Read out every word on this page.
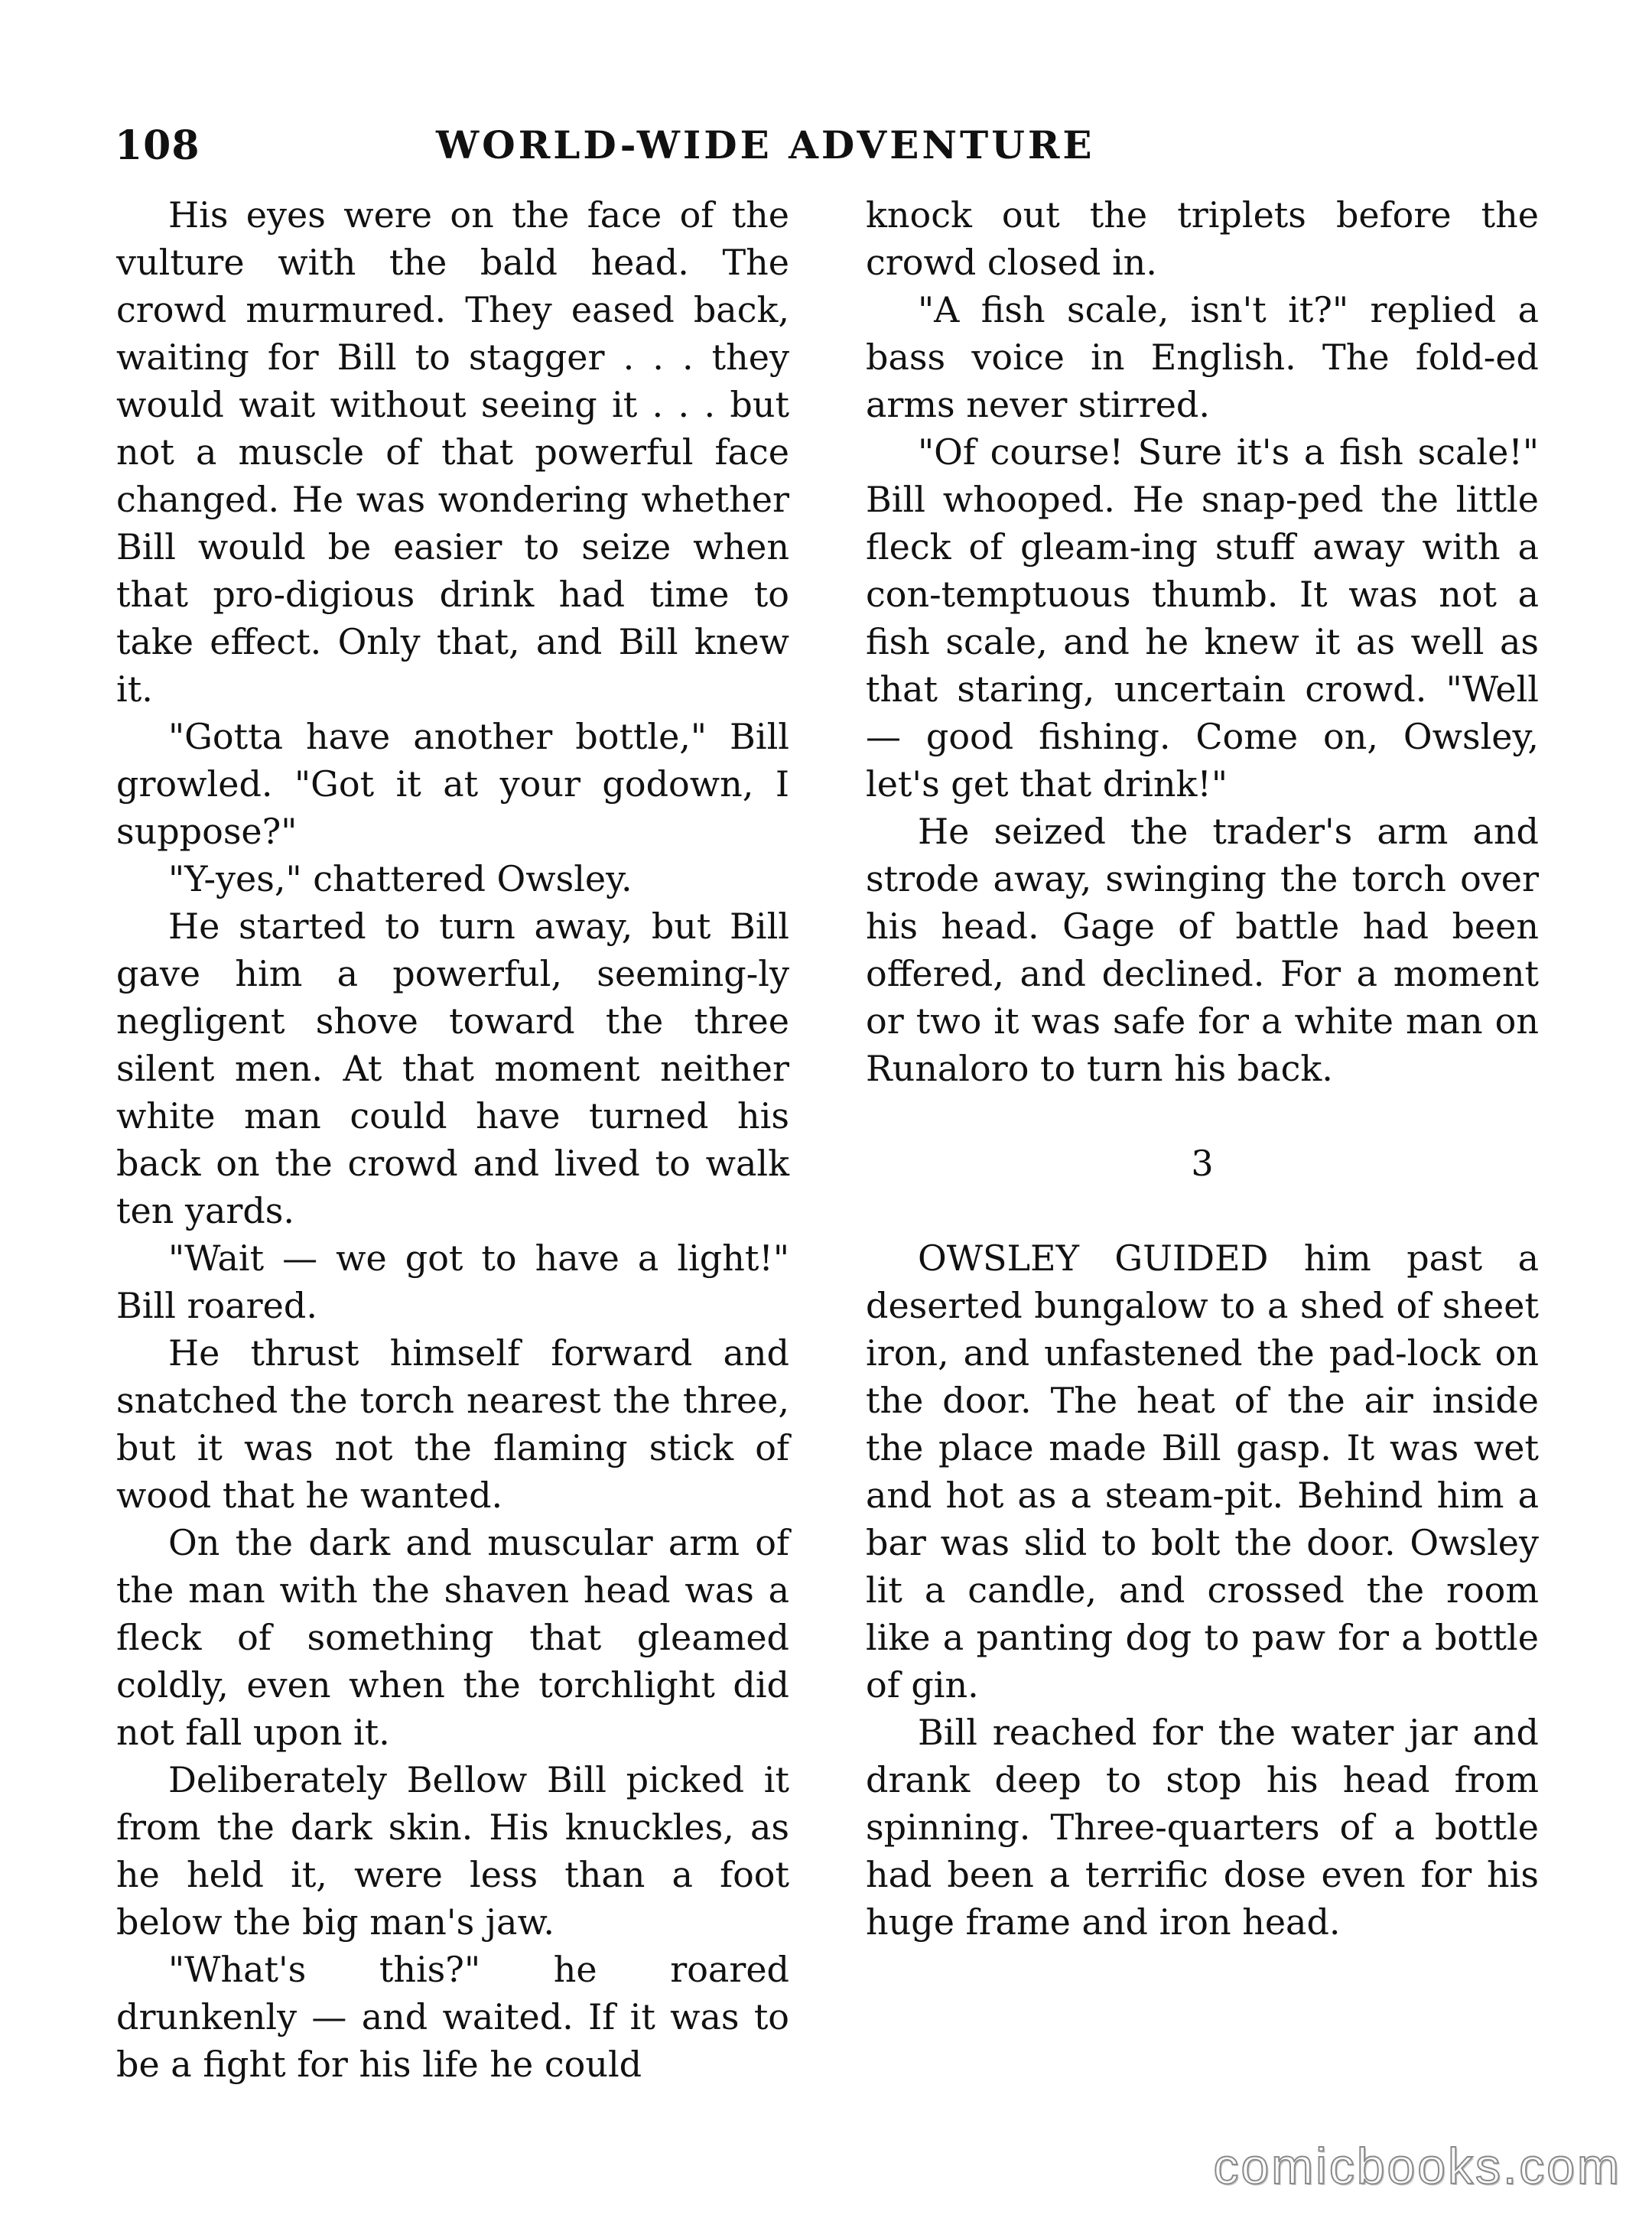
108	WORLD-WIDE ADVENTURE

His eyes were on the face of the vulture with the bald head. The crowd murmured. They eased back, waiting for Bill to stagger . . . they would wait without seeing it . . . but not a muscle of that powerful face changed. He was wondering whether Bill would be easier to seize when that pro-digious drink had time to take effect. Only that, and Bill knew it.

"Gotta have another bottle," Bill growled. "Got it at your godown, I suppose?"

"Y-yes," chattered Owsley.

He started to turn away, but Bill gave him a powerful, seeming-ly negligent shove toward the three silent men. At that moment neither white man could have turned his back on the crowd and lived to walk ten yards.

"Wait — we got to have a light!" Bill roared.

He thrust himself forward and snatched the torch nearest the three, but it was not the flaming stick of wood that he wanted.

On the dark and muscular arm of the man with the shaven head was a fleck of something that gleamed coldly, even when the torchlight did not fall upon it.

Deliberately Bellow Bill picked it from the dark skin. His knuckles, as he held it, were less than a foot below the big man's jaw.

"What's this?" he roared drunkenly — and waited. If it was to be a fight for his life he could

knock out the triplets before the crowd closed in.

"A fish scale, isn't it?" replied a bass voice in English. The fold-ed arms never stirred.

"Of course! Sure it's a fish scale!" Bill whooped. He snap-ped the little fleck of gleam-ing stuff away with a con-temptuous thumb. It was not a fish scale, and he knew it as well as that staring, uncertain crowd. "Well — good fishing. Come on, Owsley, let's get that drink!"

He seized the trader's arm and strode away, swinging the torch over his head. Gage of battle had been offered, and declined. For a moment or two it was safe for a white man on Runaloro to turn his back.

3

OWSLEY GUIDED him past a deserted bungalow to a shed of sheet iron, and unfastened the pad-lock on the door. The heat of the air inside the place made Bill gasp. It was wet and hot as a steam-pit. Behind him a bar was slid to bolt the door. Owsley lit a candle, and crossed the room like a panting dog to paw for a bottle of gin.

Bill reached for the water jar and drank deep to stop his head from spinning. Three-quarters of a bottle had been a terrific dose even for his huge frame and iron head.

comicbooks.com
